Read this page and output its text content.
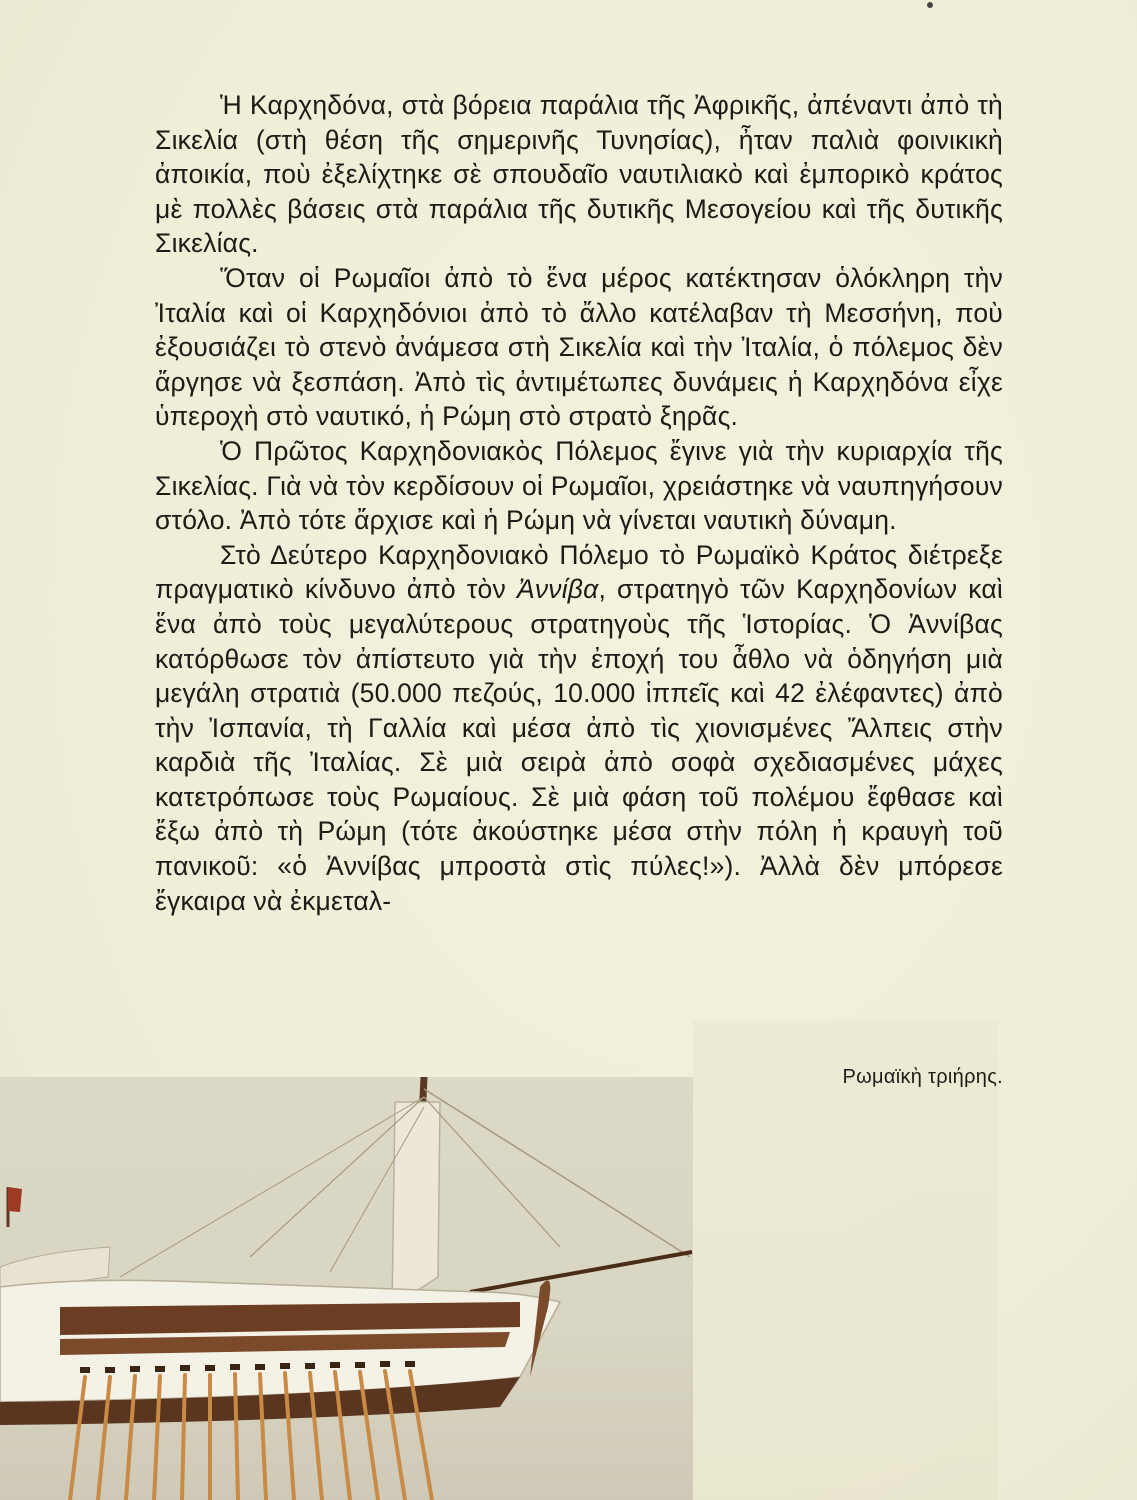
Ἡ Καρχηδόνα, στὰ βόρεια παράλια τῆς Ἀφρικῆς, ἀπέναντι ἀπὸ τὴ Σικελία (στὴ θέση τῆς σημερινῆς Τυνησίας), ἦταν παλιὰ φοινικικὴ ἀποικία, ποὺ ἐξελίχτηκε σὲ σπουδαῖο ναυτιλιακὸ καὶ ἐμπορικὸ κράτος μὲ πολλὲς βάσεις στὰ παράλια τῆς δυτικῆς Μεσογείου καὶ τῆς δυτικῆς Σικελίας.

Ὅταν οἱ Ρωμαῖοι ἀπὸ τὸ ἕνα μέρος κατέκτησαν ὁλόκληρη τὴν Ἰταλία καὶ οἱ Καρχηδόνιοι ἀπὸ τὸ ἄλλο κατέλαβαν τὴ Μεσσήνη, ποὺ ἐξουσιάζει τὸ στενὸ ἀνάμεσα στὴ Σικελία καὶ τὴν Ἰταλία, ὁ πόλεμος δὲν ἄργησε νὰ ξεσπάση. Ἀπὸ τὶς ἀντιμέτωπες δυνάμεις ἡ Καρχηδόνα εἶχε ὑπεροχὴ στὸ ναυτικό, ἡ Ρώμη στὸ στρατὸ ξηρᾶς.

Ὁ Πρῶτος Καρχηδονιακὸς Πόλεμος ἔγινε γιὰ τὴν κυριαρχία τῆς Σικελίας. Γιὰ νὰ τὸν κερδίσουν οἱ Ρωμαῖοι, χρειάστηκε νὰ ναυπηγήσουν στόλο. Ἀπὸ τότε ἄρχισε καὶ ἡ Ρώμη νὰ γίνεται ναυτικὴ δύναμη.

Στὸ Δεύτερο Καρχηδονιακὸ Πόλεμο τὸ Ρωμαϊκὸ Κράτος διέτρεξε πραγματικὸ κίνδυνο ἀπὸ τὸν Ἀννίβα, στρατηγὸ τῶν Καρχηδονίων καὶ ἕνα ἀπὸ τοὺς μεγαλύτερους στρατηγοὺς τῆς Ἱστορίας. Ὁ Ἀννίβας κατόρθωσε τὸν ἀπίστευτο γιὰ τὴν ἐποχή του ἆθλο νὰ ὁδηγήση μιὰ μεγάλη στρατιὰ (50.000 πεζούς, 10.000 ἱππεῖς καὶ 42 ἐλέφαντες) ἀπὸ τὴν Ἰσπανία, τὴ Γαλλία καὶ μέσα ἀπὸ τὶς χιονισμένες Ἄλπεις στὴν καρδιὰ τῆς Ἰταλίας. Σὲ μιὰ σειρὰ ἀπὸ σοφὰ σχεδιασμένες μάχες κατετρόπωσε τοὺς Ρωμαίους. Σὲ μιὰ φάση τοῦ πολέμου ἔφθασε καὶ ἔξω ἀπὸ τὴ Ρώμη (τότε ἀκούστηκε μέσα στὴν πόλη ἡ κραυγὴ τοῦ πανικοῦ: «ὁ Ἀννίβας μπροστὰ στὶς πύλες!»). Ἀλλὰ δὲν μπόρεσε ἔγκαιρα νὰ ἐκμεταλ-

Ρωμαϊκὴ τριήρης.
